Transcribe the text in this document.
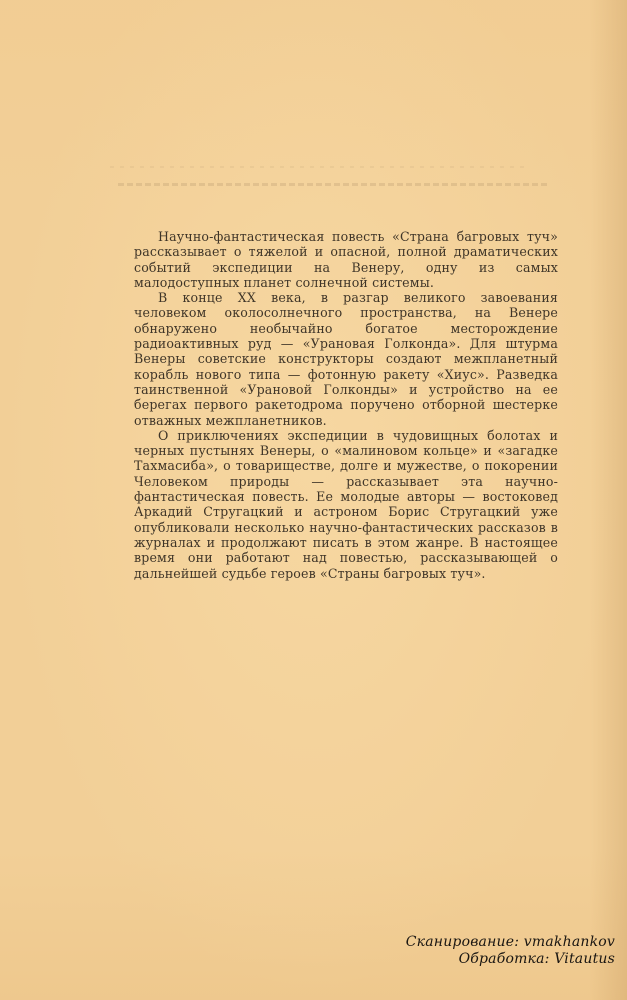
Научно-фантастическая повесть «Страна багровых туч» рассказывает о тяжелой и опасной, полной драматических событий экспедиции на Венеру, одну из самых малодоступных планет солнечной системы.

В конце XX века, в разгар великого завоевания человеком околосолнечного пространства, на Венере обнаружено необычайно богатое месторождение радиоактивных руд — «Урановая Голконда». Для штурма Венеры советские конструкторы создают межпланетный корабль нового типа — фотонную ракету «Хиус». Разведка таинственной «Урановой Голконды» и устройство на ее берегах первого ракетодрома поручено отборной шестерке отважных межпланетников.

О приключениях экспедиции в чудовищных болотах и черных пустынях Венеры, о «малиновом кольце» и «загадке Тахмасиба», о товариществе, долге и мужестве, о покорении Человеком природы — рассказывает эта научно-фантастическая повесть. Ее молодые авторы — востоковед Аркадий Стругацкий и астроном Борис Стругацкий уже опубликовали несколько научно-фантастических рассказов в журналах и продолжают писать в этом жанре. В настоящее время они работают над повестью, рассказывающей о дальнейшей судьбе героев «Страны багровых туч».

Сканирование: vmakhankov
Обработка: Vitautus
